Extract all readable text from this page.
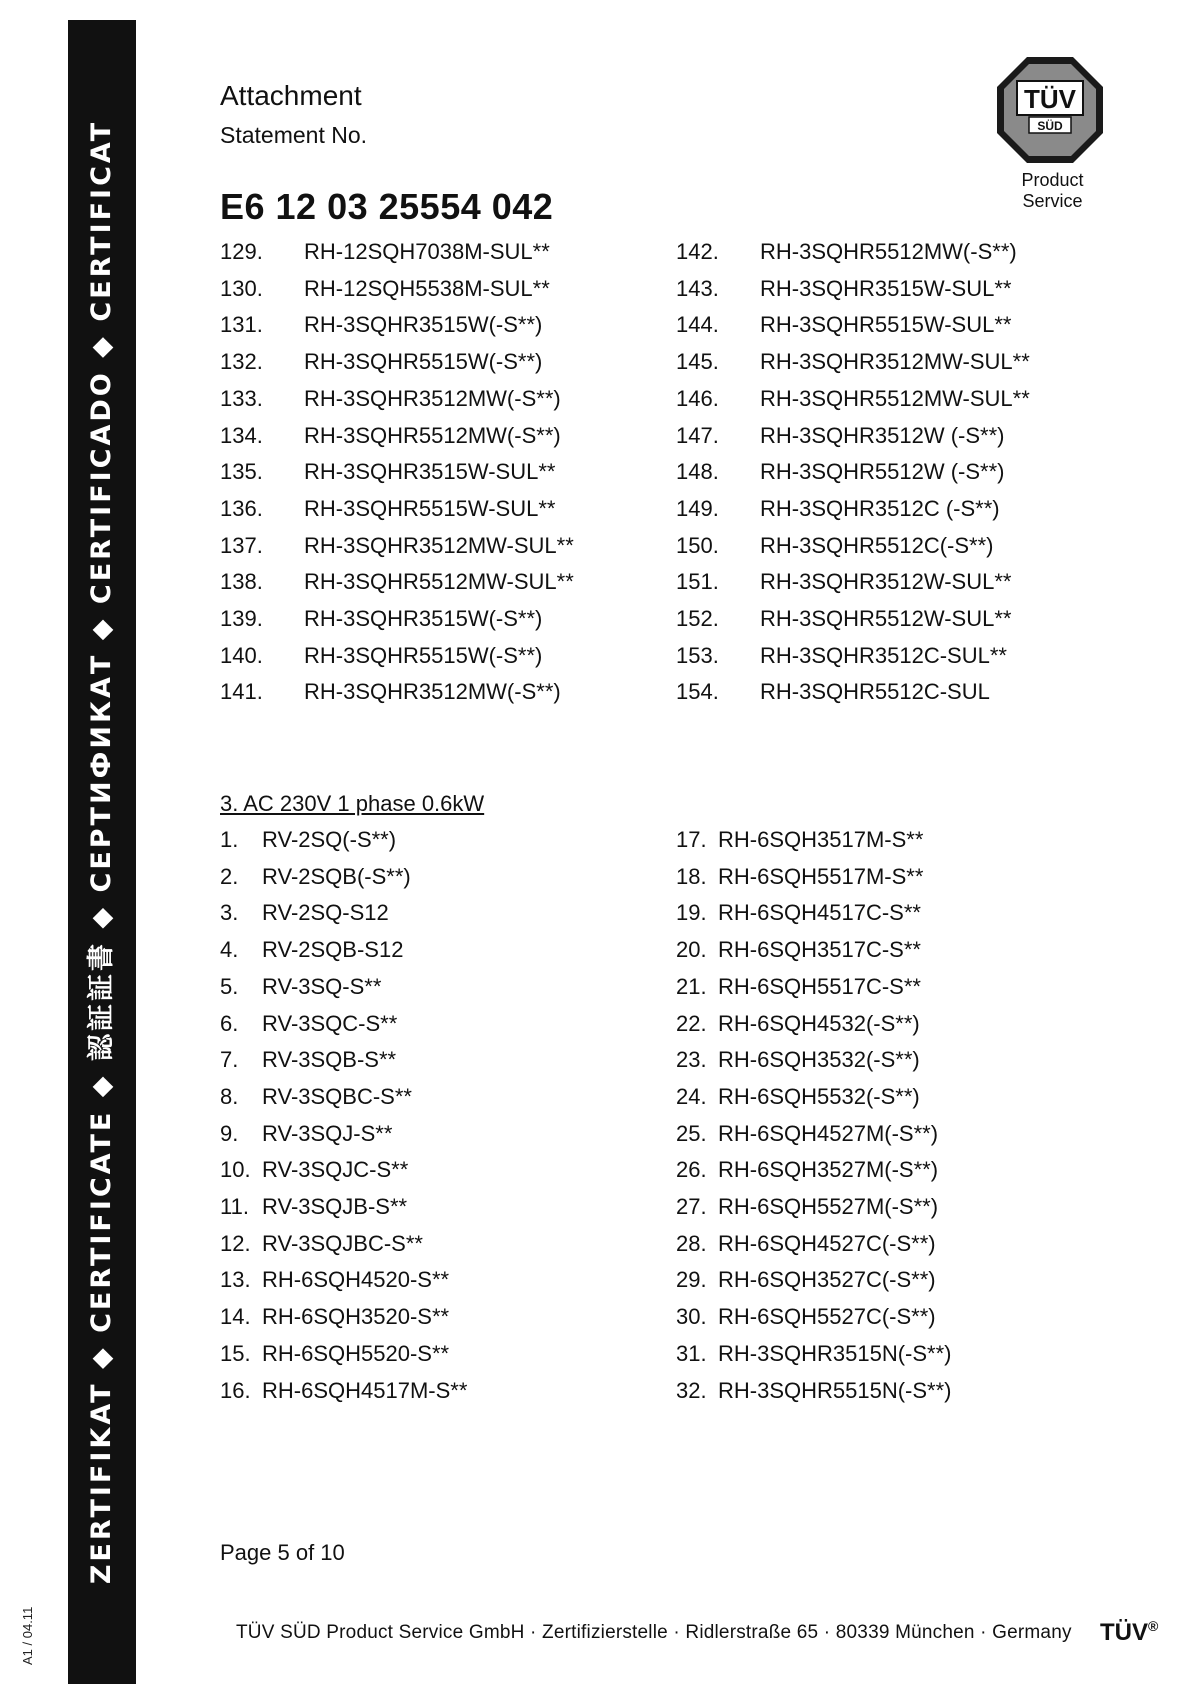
ZERTIFIKAT ◆ CERTIFICATE ◆ 認証証書 ◆ СЕРТИФИКАТ ◆ CERTIFICADO ◆ CERTIFICAT
A1 / 04.11
Attachment
Statement No.
E6 12 03 25554 042
TÜV
SÜD
Product Service
129.	RH-12SQH7038M-SUL**
130.	RH-12SQH5538M-SUL**
131.	RH-3SQHR3515W(-S**)
132.	RH-3SQHR5515W(-S**)
133.	RH-3SQHR3512MW(-S**)
134.	RH-3SQHR5512MW(-S**)
135.	RH-3SQHR3515W-SUL**
136.	RH-3SQHR5515W-SUL**
137.	RH-3SQHR3512MW-SUL**
138.	RH-3SQHR5512MW-SUL**
139.	RH-3SQHR3515W(-S**)
140.	RH-3SQHR5515W(-S**)
141.	RH-3SQHR3512MW(-S**)
142.	RH-3SQHR5512MW(-S**)
143.	RH-3SQHR3515W-SUL**
144.	RH-3SQHR5515W-SUL**
145.	RH-3SQHR3512MW-SUL**
146.	RH-3SQHR5512MW-SUL**
147.	RH-3SQHR3512W (-S**)
148.	RH-3SQHR5512W (-S**)
149.	RH-3SQHR3512C (-S**)
150.	RH-3SQHR5512C(-S**)
151.	RH-3SQHR3512W-SUL**
152.	RH-3SQHR5512W-SUL**
153.	RH-3SQHR3512C-SUL**
154.	RH-3SQHR5512C-SUL
1.	RV-2SQ(-S**)
2.	RV-2SQB(-S**)
3.	RV-2SQ-S12
4.	RV-2SQB-S12
5.	RV-3SQ-S**
6.	RV-3SQC-S**
7.	RV-3SQB-S**
8.	RV-3SQBC-S**
9.	RV-3SQJ-S**
10. RV-3SQJC-S**
11. RV-3SQJB-S**
12. RV-3SQJBC-S**
13. RH-6SQH4520-S**
14. RH-6SQH3520-S**
15. RH-6SQH5520-S**
16. RH-6SQH4517M-S**
17. RH-6SQH3517M-S**
18. RH-6SQH5517M-S**
19. RH-6SQH4517C-S**
20. RH-6SQH3517C-S**
21. RH-6SQH5517C-S**
22. RH-6SQH4532(-S**)
23. RH-6SQH3532(-S**)
24. RH-6SQH5532(-S**)
25. RH-6SQH4527M(-S**)
26. RH-6SQH3527M(-S**)
27. RH-6SQH5527M(-S**)
28. RH-6SQH4527C(-S**)
29. RH-6SQH3527C(-S**)
30. RH-6SQH5527C(-S**)
31. RH-3SQHR3515N(-S**)
32. RH-3SQHR5515N(-S**)
3. AC 230V 1 phase 0.6kW
Page 5 of 10
TÜV SÜD Product Service GmbH · Zertifizierstelle · Ridlerstraße 65 · 80339 München · Germany TÜV®
